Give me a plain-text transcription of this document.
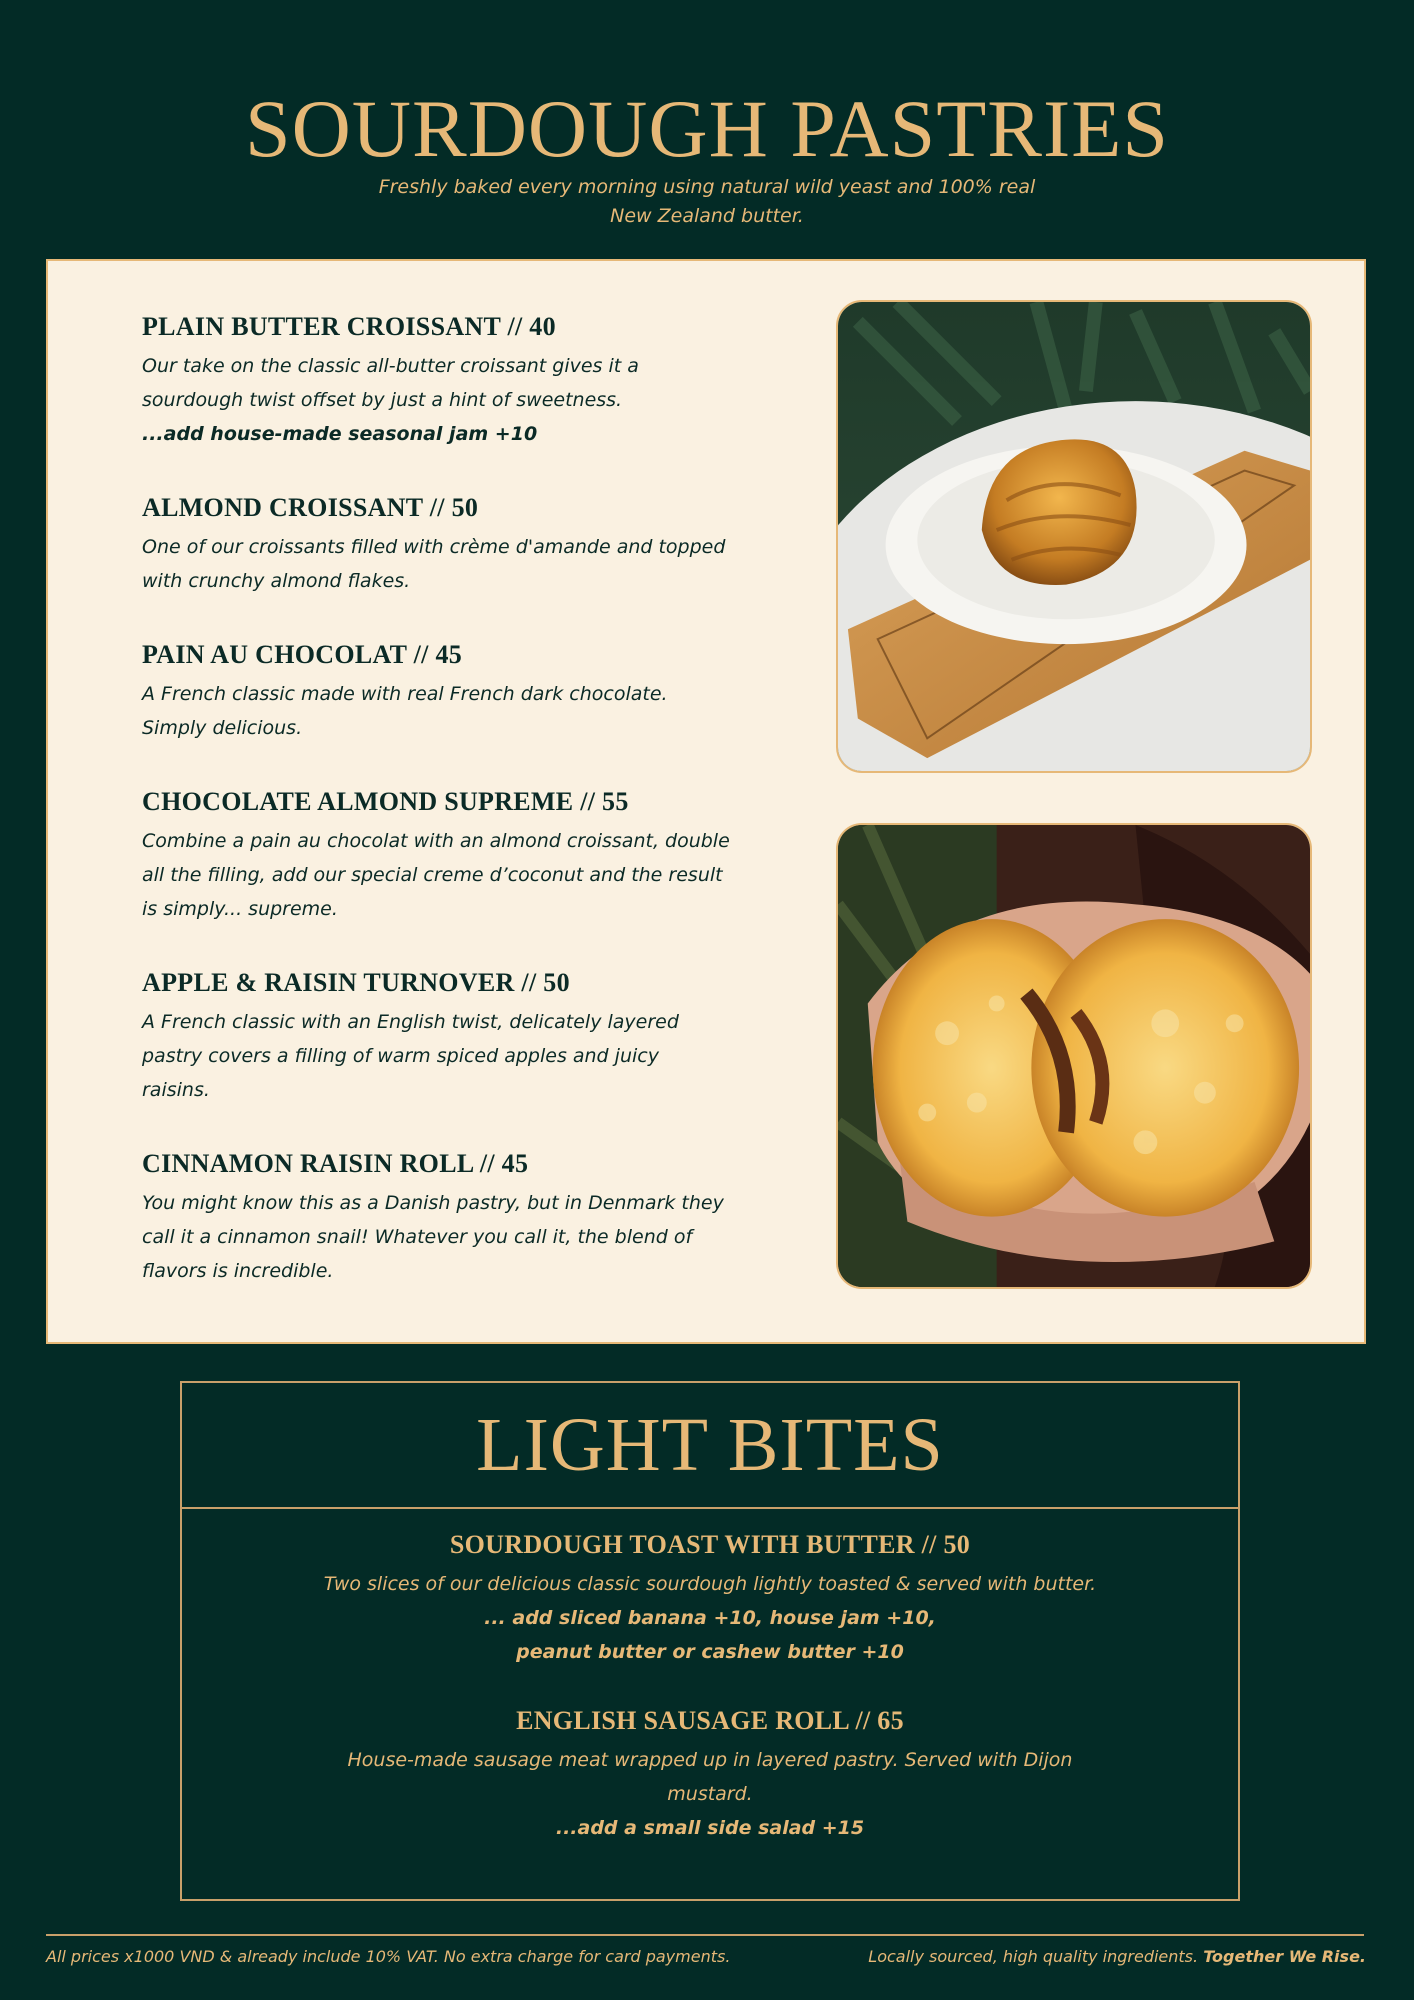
SOURDOUGH PASTRIES
Freshly baked every morning using natural wild yeast and 100% real New Zealand butter.
PLAIN BUTTER CROISSANT // 40

Our take on the classic all-butter croissant gives it a sourdough twist offset by just a hint of sweetness.
...add house-made seasonal jam +10

ALMOND CROISSANT // 50

One of our croissants filled with crème d'amande and topped with crunchy almond flakes.

PAIN AU CHOCOLAT // 45

A French classic made with real French dark chocolate. Simply delicious.

CHOCOLATE ALMOND SUPREME // 55

Combine a pain au chocolat with an almond croissant, double all the filling, add our special creme d’coconut and the result is simply... supreme.

APPLE & RAISIN TURNOVER // 50

A French classic with an English twist, delicately layered pastry covers a filling of warm spiced apples and juicy raisins.

CINNAMON RAISIN ROLL // 45

You might know this as a Danish pastry, but in Denmark they call it a cinnamon snail! Whatever you call it, the blend of flavors is incredible.

LIGHT BITES
SOURDOUGH TOAST WITH BUTTER // 50

Two slices of our delicious classic sourdough lightly toasted & served with butter.

... add sliced banana +10, house jam +10,
peanut butter or cashew butter +10
ENGLISH SAUSAGE ROLL // 65

House-made sausage meat wrapped up in layered pastry. Served with Dijon mustard.

...add a small side salad +15
All prices x1000 VND & already include 10% VAT. No extra charge for card payments.	Locally sourced, high quality ingredients. Together We Rise.
